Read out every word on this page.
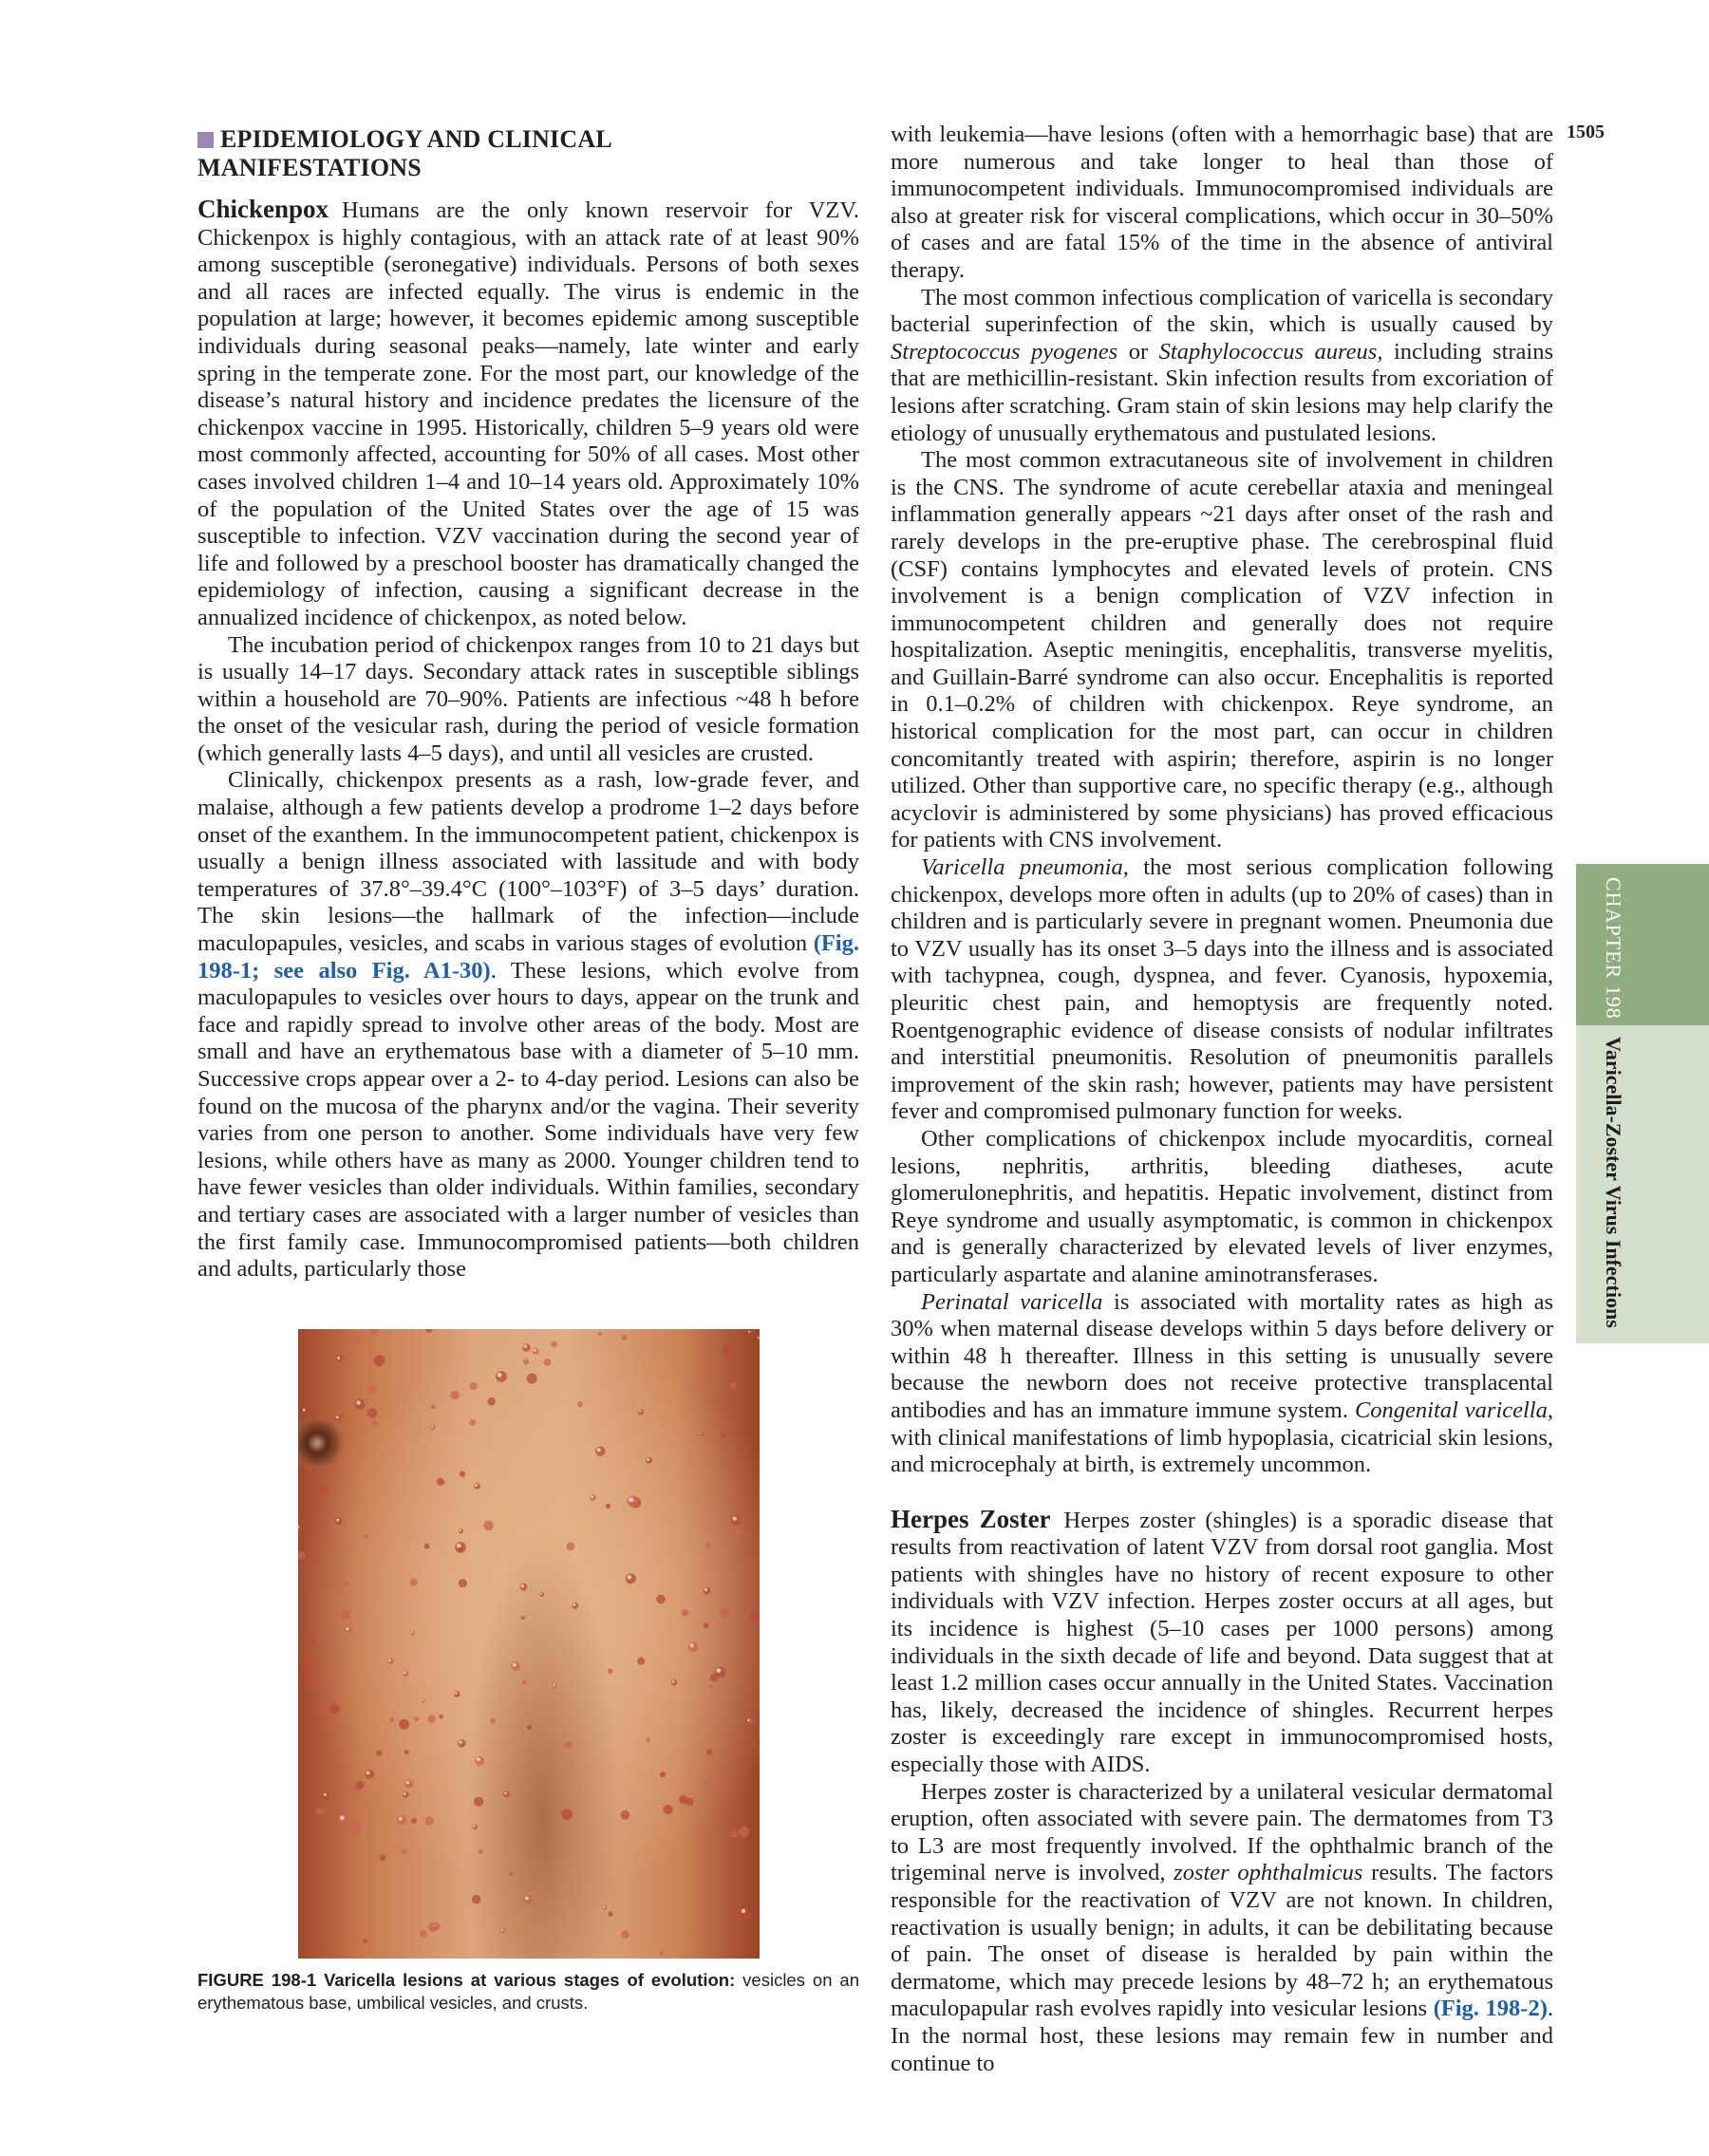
1505
CHAPTER 198
Varicella-Zoster Virus Infections
EPIDEMIOLOGY AND CLINICAL
MANIFESTATIONS

Chickenpox Humans are the only known reservoir for VZV. Chickenpox is highly contagious, with an attack rate of at least 90% among susceptible (seronegative) individuals. Persons of both sexes and all races are infected equally. The virus is endemic in the population at large; however, it becomes epidemic among susceptible individuals during seasonal peaks—namely, late winter and early spring in the temperate zone. For the most part, our knowledge of the disease’s natural history and incidence predates the licensure of the chickenpox vaccine in 1995. Historically, children 5–9 years old were most commonly affected, accounting for 50% of all cases. Most other cases involved children 1–4 and 10–14 years old. Approximately 10% of the population of the United States over the age of 15 was susceptible to infection. VZV vaccination during the second year of life and followed by a preschool booster has dramatically changed the epidemiology of infection, causing a significant decrease in the annualized incidence of chickenpox, as noted below.

The incubation period of chickenpox ranges from 10 to 21 days but is usually 14–17 days. Secondary attack rates in susceptible siblings within a household are 70–90%. Patients are infectious ~48 h before the onset of the vesicular rash, during the period of vesicle formation (which generally lasts 4–5 days), and until all vesicles are crusted.

Clinically, chickenpox presents as a rash, low-grade fever, and malaise, although a few patients develop a prodrome 1–2 days before onset of the exanthem. In the immunocompetent patient, chickenpox is usually a benign illness associated with lassitude and with body temperatures of 37.8°–39.4°C (100°–103°F) of 3–5 days’ duration. The skin lesions—the hallmark of the infection—include maculopapules, vesicles, and scabs in various stages of evolution (Fig. 198-1; see also Fig. A1-30). These lesions, which evolve from maculopapules to vesicles over hours to days, appear on the trunk and face and rapidly spread to involve other areas of the body. Most are small and have an erythematous base with a diameter of 5–10 mm. Successive crops appear over a 2- to 4-day period. Lesions can also be found on the mucosa of the pharynx and/or the vagina. Their severity varies from one person to another. Some individuals have very few lesions, while others have as many as 2000. Younger children tend to have fewer vesicles than older individuals. Within families, secondary and tertiary cases are associated with a larger number of vesicles than the first family case. Immunocompromised patients—both children and adults, particularly those

FIGURE 198-1 Varicella lesions at various stages of evolution: vesicles on an erythematous base, umbilical vesicles, and crusts.

with leukemia—have lesions (often with a hemorrhagic base) that are more numerous and take longer to heal than those of immunocompetent individuals. Immunocompromised individuals are also at greater risk for visceral complications, which occur in 30–50% of cases and are fatal 15% of the time in the absence of antiviral therapy.

The most common infectious complication of varicella is secondary bacterial superinfection of the skin, which is usually caused by Streptococcus pyogenes or Staphylococcus aureus, including strains that are methicillin-resistant. Skin infection results from excoriation of lesions after scratching. Gram stain of skin lesions may help clarify the etiology of unusually erythematous and pustulated lesions.

The most common extracutaneous site of involvement in children is the CNS. The syndrome of acute cerebellar ataxia and meningeal inflammation generally appears ~21 days after onset of the rash and rarely develops in the pre-eruptive phase. The cerebrospinal fluid (CSF) contains lymphocytes and elevated levels of protein. CNS involvement is a benign complication of VZV infection in immunocompetent children and generally does not require hospitalization. Aseptic meningitis, encephalitis, transverse myelitis, and Guillain-Barré syndrome can also occur. Encephalitis is reported in 0.1–0.2% of children with chickenpox. Reye syndrome, an historical complication for the most part, can occur in children concomitantly treated with aspirin; therefore, aspirin is no longer utilized. Other than supportive care, no specific therapy (e.g., although acyclovir is administered by some physicians) has proved efficacious for patients with CNS involvement.

Varicella pneumonia, the most serious complication following chickenpox, develops more often in adults (up to 20% of cases) than in children and is particularly severe in pregnant women. Pneumonia due to VZV usually has its onset 3–5 days into the illness and is associated with tachypnea, cough, dyspnea, and fever. Cyanosis, hypoxemia, pleuritic chest pain, and hemoptysis are frequently noted. Roentgenographic evidence of disease consists of nodular infiltrates and interstitial pneumonitis. Resolution of pneumonitis parallels improvement of the skin rash; however, patients may have persistent fever and compromised pulmonary function for weeks.

Other complications of chickenpox include myocarditis, corneal lesions, nephritis, arthritis, bleeding diatheses, acute glomerulonephritis, and hepatitis. Hepatic involvement, distinct from Reye syndrome and usually asymptomatic, is common in chickenpox and is generally characterized by elevated levels of liver enzymes, particularly aspartate and alanine aminotransferases.

Perinatal varicella is associated with mortality rates as high as 30% when maternal disease develops within 5 days before delivery or within 48 h thereafter. Illness in this setting is unusually severe because the newborn does not receive protective transplacental antibodies and has an immature immune system. Congenital varicella, with clinical manifestations of limb hypoplasia, cicatricial skin lesions, and microcephaly at birth, is extremely uncommon.

Herpes Zoster Herpes zoster (shingles) is a sporadic disease that results from reactivation of latent VZV from dorsal root ganglia. Most patients with shingles have no history of recent exposure to other individuals with VZV infection. Herpes zoster occurs at all ages, but its incidence is highest (5–10 cases per 1000 persons) among individuals in the sixth decade of life and beyond. Data suggest that at least 1.2 million cases occur annually in the United States. Vaccination has, likely, decreased the incidence of shingles. Recurrent herpes zoster is exceedingly rare except in immunocompromised hosts, especially those with AIDS.

Herpes zoster is characterized by a unilateral vesicular dermatomal eruption, often associated with severe pain. The dermatomes from T3 to L3 are most frequently involved. If the ophthalmic branch of the trigeminal nerve is involved, zoster ophthalmicus results. The factors responsible for the reactivation of VZV are not known. In children, reactivation is usually benign; in adults, it can be debilitating because of pain. The onset of disease is heralded by pain within the dermatome, which may precede lesions by 48–72 h; an erythematous maculopapular rash evolves rapidly into vesicular lesions (Fig. 198-2). In the normal host, these lesions may remain few in number and continue to
